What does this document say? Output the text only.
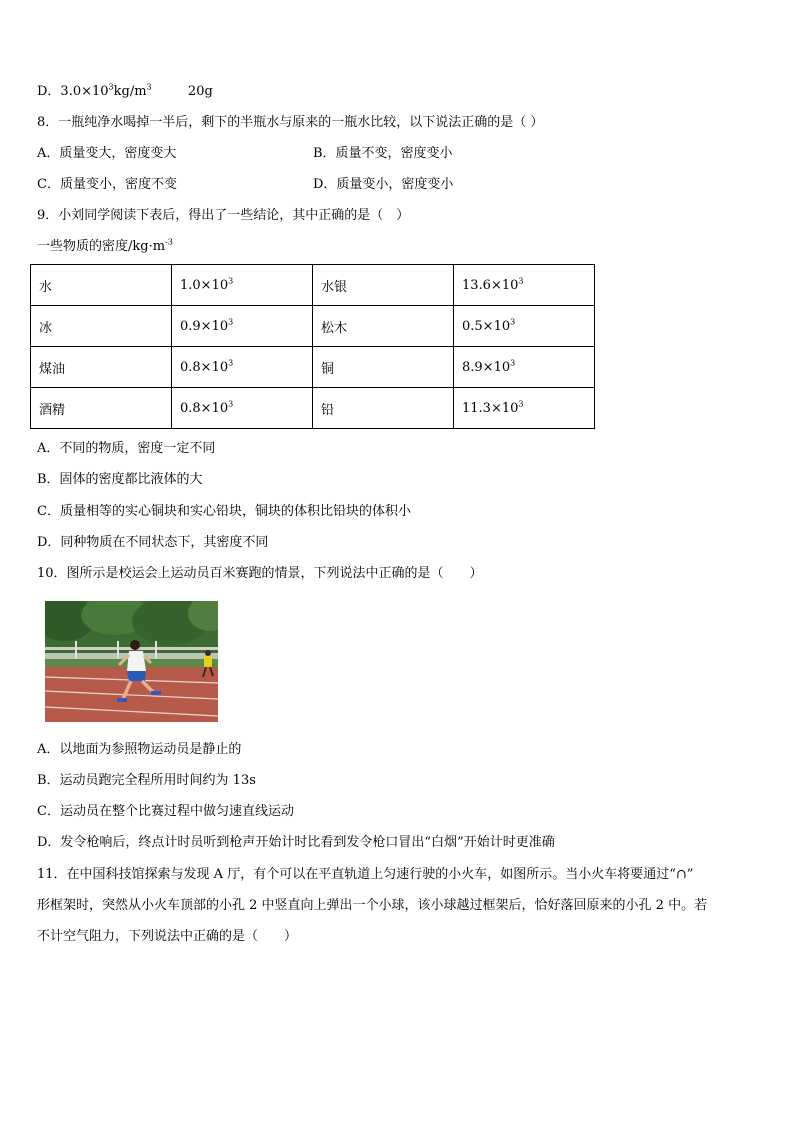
D．$3.0\times 10^3kg/m^3$	20g
8．一瓶纯净水喝掉一半后，剩下的半瓶水与原来的一瓶水比较，以下说法正确的是（ ）
A．质量变大，密度变大	B．质量不变，密度变小
C．质量变小，密度不变	D．质量变小，密度变小
9．小刘同学阅读下表后，得出了一些结论，其中正确的是（　）
一些物质的密度$/kg\cdot m^{-3}$
水	$1.0\times 10^3$	水银	$13.6\times 10^3$
冰	$0.9\times 10^3$	松木	$0.5\times 10^3$
煤油	$0.8\times 10^3$	铜	$8.9\times 10^3$
酒精	$0.8\times 10^3$	铅	$11.3\times 10^3$
A．不同的物质，密度一定不同
B．固体的密度都比液体的大
C．质量相等的实心铜块和实心铅块，铜块的体积比铅块的体积小
D．同种物质在不同状态下，其密度不同
10．图所示是校运会上运动员百米赛跑的情景，下列说法中正确的是（　　）
A．以地面为参照物运动员是静止的
B．运动员跑完全程所用时间约为 13s
C．运动员在整个比赛过程中做匀速直线运动
D．发令枪响后，终点计时员听到枪声开始计时比看到发令枪口冒出“白烟”开始计时更准确
11．在中国科技馆探索与发现 A 厅，有个可以在平直轨道上匀速行驶的小火车，如图所示。当小火车将要通过“∩”
形框架时，突然从小火车顶部的小孔 2 中竖直向上弹出一个小球，该小球越过框架后，恰好落回原来的小孔 2 中。若
不计空气阻力，下列说法中正确的是（　　）
